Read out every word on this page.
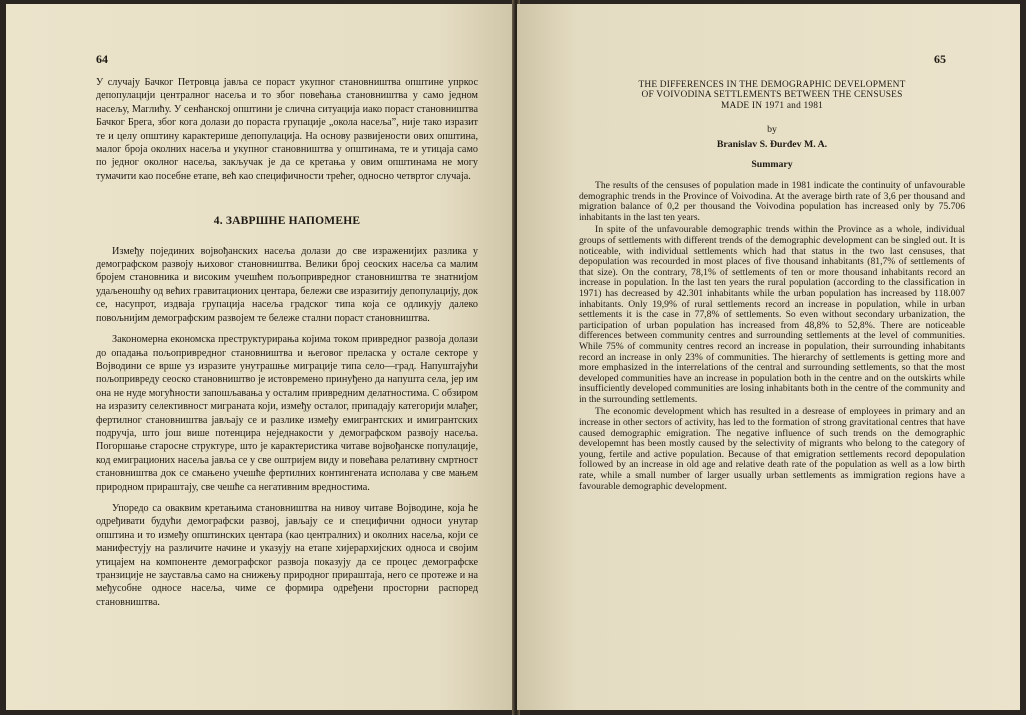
64

У случају Бачког Петровца јављa се пораст укупног становништва општине упркос депопулацији централног насеља и то због повећања становништва у само једном насељу, Маглићу. У сенћанској општини је слична ситуација иако пораст становништва Бачког Брега, због кога долази до пораста групације „окола насеља”, није тако изразит те и целу општину карактерише депопулација. На основу развијености ових општина, малог броја околних насеља и укупног становништва у општинама, те и утицаја само по једног околног насеља, закључак је да се кретања у овим општинама не могу тумачити као посебне етапе, већ као специфичности трећег, односно четвртог случаја.

4. ЗАВРШНЕ НАПОМЕНЕ

Између појединих војвођанских насеља долази до све израженијих разлика у демографском развоју њиховог становништва. Велики број сеоских насеља са малим бројем становника и високим учешћем пољопривредног становништва те знатнијом удаљеношћу од већих гравитационих центара, бележи све изразитију депопулацију, док се, насупрот, издваја групација насеља градског типа која се одликују далеко повољнијим демографским развојем те бележе стални пораст становништва.

Закономерна економска преструктурирања којима током привредног развоја долази до опадања пољопривредног становништва и његовог преласка у остале секторе у Војводини се врше уз изразите унутрашње миграције типа село—град. Напуштајући пољопривреду сеоско становништво је истовремено принуђено да напушта села, јер им она не нуде могућности запошљавања у осталим привредним делатностима. С обзиром на изразиту селективност миграната који, између осталог, припадају категорији млађег, фертилног становништва јављају се и разлике између емигрантских и имигрантских подручја, што још више потенцира неједнакости у демографском развоју насеља. Погоршање старосне структуре, што је карактеристика читаве војвођанске популације, код емиграционих насеља јавља се у све оштријем виду и повећава релативну смртност становништва док се смањено учешће фертилних контингената исполава у све мањем природном прираштају, све чешће са негативним вредностима.

Упоредо са оваквим кретањима становништва на нивоу читаве Војводине, која ће одређивати будући демографски развој, јављају се и специфични односи унутар општина и то између општинских центара (као централних) и околних насеља, који се манифестују на различите начине и указују на етапе хијерархијских односа и својим утицајем на компоненте демографског развоја показују да се процес демографске транзиције не зауставља само на снижењу природног прираштаја, него се протеже и на међусобне односе насеља, чиме се формира одређени просторни распоред становништва.

65
THE DIFFERENCES IN THE DEMOGRAPHIC DEVELOPMENT
OF VOIVODINA SETTLEMENTS BETWEEN THE CENSUSES
MADE IN 1971 and 1981
by
Branislav S. Đurđev M. A.
Summary

The results of the censuses of population made in 1981 indicate the continuity of unfavourable demographic trends in the Province of Voivodina. At the average birth rate of 3,6 per thousand and migration balance of 0,2 per thousand the Voivodina population has increased only by 75.706 inhabitants in the last ten years.

In spite of the unfavourable demographic trends within the Province as a whole, individual groups of settlements with different trends of the demographic development can be singled out. It is noticeable, with individual settlements which had that status in the two last censuses, that depopulation was recourded in most places of five thousand inhabitants (81,7% of settlements of that size). On the contrary, 78,1% of settlements of ten or more thousand inhabitants record an increase in population. In the last ten years the rural population (according to the classification in 1971) has decreased by 42.301 inhabitants while the urban population has increased by 118.007 inhabitants. Only 19,9% of rural settlements record an increase in population, while in urban settlements it is the case in 77,8% of settlements. So even without secondary urbanization, the participation of urban population has increased from 48,8% to 52,8%. There are noticeable differences between community centres and surrounding settlements at the level of communities. While 75% of community centres record an increase in population, their surrounding inhabitants record an increase in only 23% of communities. The hierarchy of settlements is getting more and more emphasized in the interrelations of the central and surrounding settlements, so that the most developed communities have an increase in population both in the centre and on the outskirts while insufficiently developed communities are losing inhabitants both in the centre of the community and in the surrounding settlements.

The economic development which has resulted in a desrease of employees in primary and an increase in other sectors of activity, has led to the formation of strong gravitational centres that have caused demographic emigration. The negative influence of such trends on the demographic developemnt has been mostly caused by the selectivity of migrants who belong to the category of young, fertile and active population. Because of that emigration settlements record depopulation followed by an increase in old age and relative death rate of the population as well as a low birth rate, while a small number of larger usually urban settlements as immigration regions have a favourable demographic development.
